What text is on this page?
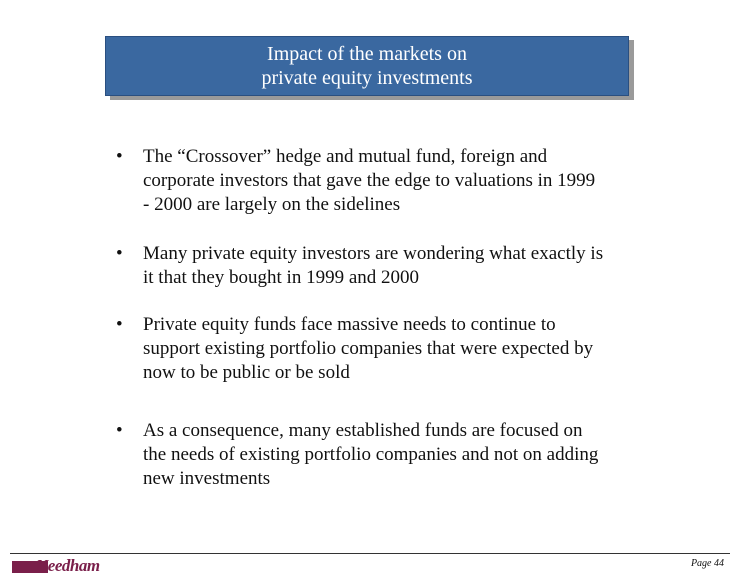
Impact of the markets on
private equity investments
• The “Crossover” hedge and mutual fund, foreign and
corporate investors that gave the edge to valuations in 1999
- 2000 are largely on the sidelines
• Many private equity investors are wondering what exactly is
it that they bought in 1999 and 2000
• Private equity funds face massive needs to continue to
support existing portfolio companies that were expected by
now to be public or be sold
• As a consequence, many established funds are focused on
the needs of existing portfolio companies and not on adding
new investments
Needham	Page 44
